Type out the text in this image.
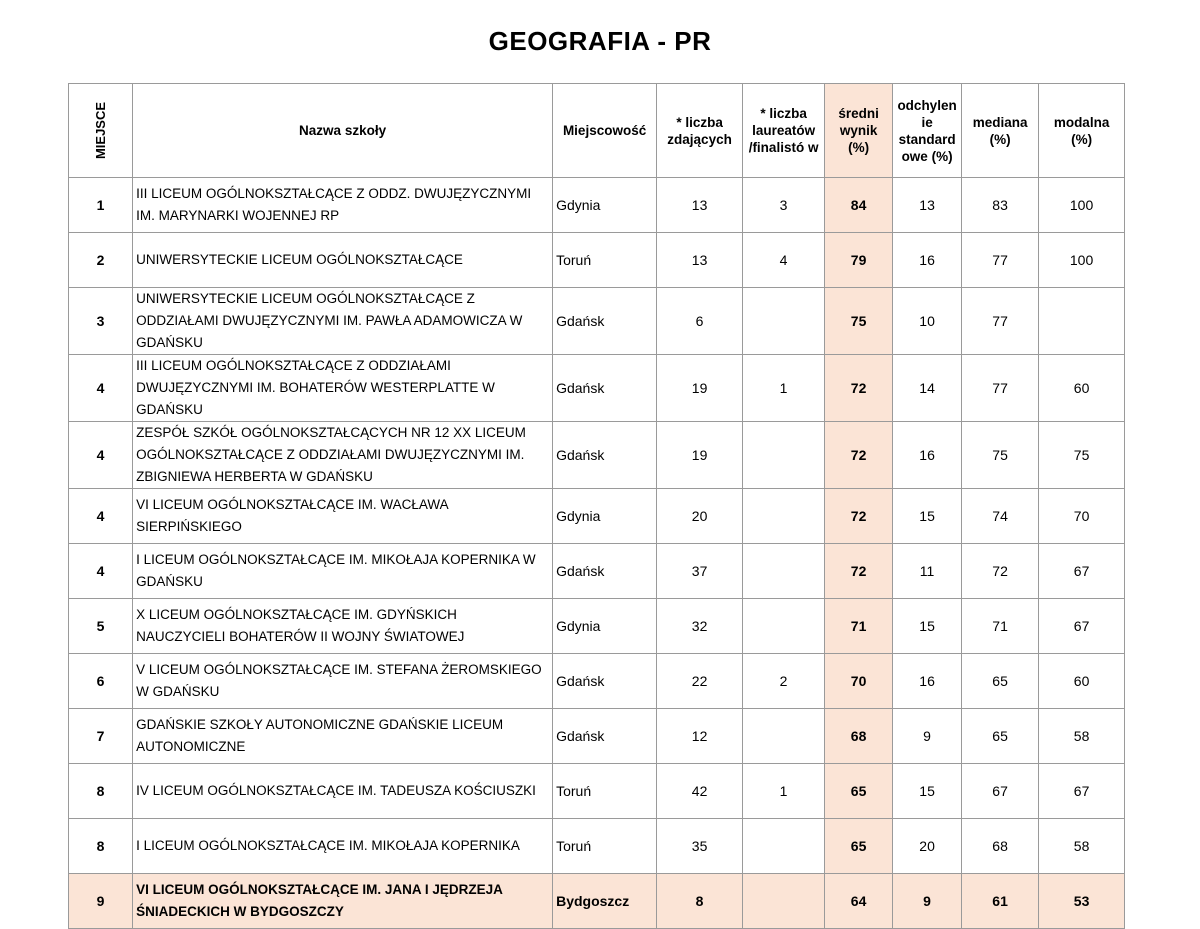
GEOGRAFIA - PR
MIEJSCE	Nazwa szkoły	Miejscowość	* liczba zdających	* liczba laureatów /finalistó w	średni wynik (%)	odchylen ie standard owe (%)	mediana (%)	modalna (%)
1	III LICEUM OGÓLNOKSZTAŁCĄCE Z ODDZ. DWUJĘZYCZNYMI IM. MARYNARKI WOJENNEJ RP	Gdynia	13	3	84	13	83	100
2	UNIWERSYTECKIE LICEUM OGÓLNOKSZTAŁCĄCE	Toruń	13	4	79	16	77	100
3	UNIWERSYTECKIE LICEUM OGÓLNOKSZTAŁCĄCE Z ODDZIAŁAMI DWUJĘZYCZNYMI IM. PAWŁA ADAMOWICZA W GDAŃSKU	Gdańsk	6		75	10	77	
4	III LICEUM OGÓLNOKSZTAŁCĄCE Z ODDZIAŁAMI DWUJĘZYCZNYMI IM. BOHATERÓW WESTERPLATTE W GDAŃSKU	Gdańsk	19	1	72	14	77	60
4	ZESPÓŁ SZKÓŁ OGÓLNOKSZTAŁCĄCYCH NR 12 XX LICEUM OGÓLNOKSZTAŁCĄCE Z ODDZIAŁAMI DWUJĘZYCZNYMI IM. ZBIGNIEWA HERBERTA W GDAŃSKU	Gdańsk	19		72	16	75	75
4	VI LICEUM OGÓLNOKSZTAŁCĄCE IM. WACŁAWA SIERPIŃSKIEGO	Gdynia	20		72	15	74	70
4	I LICEUM OGÓLNOKSZTAŁCĄCE IM. MIKOŁAJA KOPERNIKA W GDAŃSKU	Gdańsk	37		72	11	72	67
5	X LICEUM OGÓLNOKSZTAŁCĄCE IM. GDYŃSKICH NAUCZYCIELI BOHATERÓW II WOJNY ŚWIATOWEJ	Gdynia	32		71	15	71	67
6	V LICEUM OGÓLNOKSZTAŁCĄCE IM. STEFANA ŻEROMSKIEGO W GDAŃSKU	Gdańsk	22	2	70	16	65	60
7	GDAŃSKIE SZKOŁY AUTONOMICZNE GDAŃSKIE LICEUM AUTONOMICZNE	Gdańsk	12		68	9	65	58
8	IV LICEUM OGÓLNOKSZTAŁCĄCE IM. TADEUSZA KOŚCIUSZKI	Toruń	42	1	65	15	67	67
8	I LICEUM OGÓLNOKSZTAŁCĄCE IM. MIKOŁAJA KOPERNIKA	Toruń	35		65	20	68	58
9	VI LICEUM OGÓLNOKSZTAŁCĄCE IM. JANA I JĘDRZEJA ŚNIADECKICH W BYDGOSZCZY	Bydgoszcz	8		64	9	61	53
